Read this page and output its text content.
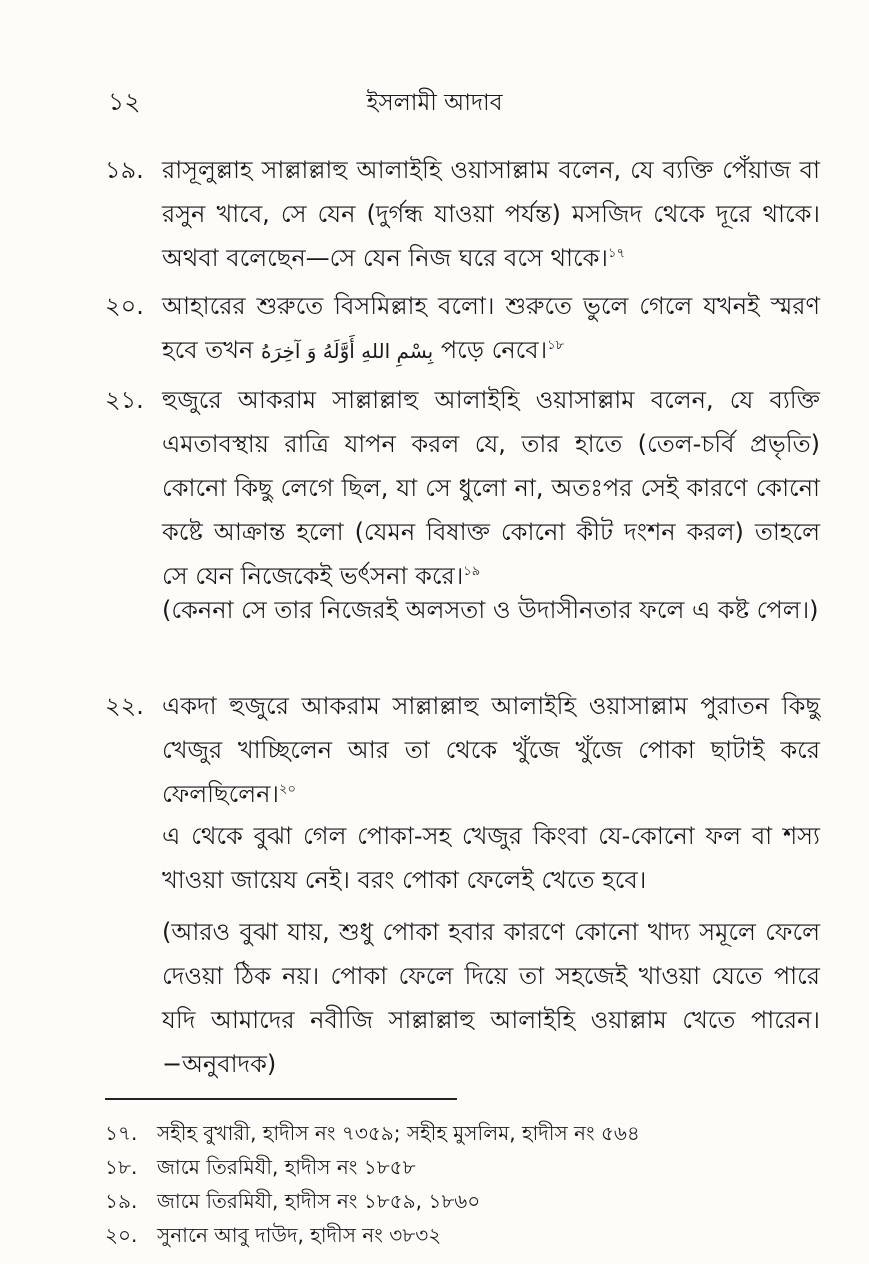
১২	ইসলামী আদাব
১৯. রাসূলুল্লাহ সাল্লাল্লাহু আলাইহি ওয়াসাল্লাম বলেন, যে ব্যক্তি পেঁয়াজ বা রসুন খাবে, সে যেন (দুর্গন্ধ যাওয়া পর্যন্ত) মসজিদ থেকে দূরে থাকে। অথবা বলেছেন—সে যেন নিজ ঘরে বসে থাকে।$^{১৭}$
২০. আহারের শুরুতে বিসমিল্লাহ বলো। শুরুতে ভুলে গেলে যখনই স্মরণ হবে তখন بِسْمِ اللهِ أَوَّلَهُ وَ آخِرَهُ পড়ে নেবে।$^{১৮}$
২১. হুজুরে আকরাম সাল্লাল্লাহু আলাইহি ওয়াসাল্লাম বলেন, যে ব্যক্তি এমতাবস্থায় রাত্রি যাপন করল যে, তার হাতে (তেল-চর্বি প্রভৃতি) কোনো কিছু লেগে ছিল, যা সে ধুলো না, অতঃপর সেই কারণে কোনো কষ্টে আক্রান্ত হলো (যেমন বিষাক্ত কোনো কীট দংশন করল) তাহলে সে যেন নিজেকেই ভর্ৎসনা করে।$^{১৯}$
(কেননা সে তার নিজেরই অলসতা ও উদাসীনতার ফলে এ কষ্ট পেল।)
২২. একদা হুজুরে আকরাম সাল্লাল্লাহু আলাইহি ওয়াসাল্লাম পুরাতন কিছু খেজুর খাচ্ছিলেন আর তা থেকে খুঁজে খুঁজে পোকা ছাটাই করে ফেলছিলেন।$^{২০}$
এ থেকে বুঝা গেল পোকা-সহ খেজুর কিংবা যে-কোনো ফল বা শস্য খাওয়া জায়েয নেই। বরং পোকা ফেলেই খেতে হবে।
(আরও বুঝা যায়, শুধু পোকা হবার কারণে কোনো খাদ্য সমূলে ফেলে দেওয়া ঠিক নয়। পোকা ফেলে দিয়ে তা সহজেই খাওয়া যেতে পারে যদি আমাদের নবীজি সাল্লাল্লাহু আলাইহি ওয়াল্লাম খেতে পারেন। −অনুবাদক)
১৭. সহীহ বুখারী, হাদীস নং ৭৩৫৯; সহীহ মুসলিম, হাদীস নং ৫৬৪
১৮. জামে তিরমিযী, হাদীস নং ১৮৫৮
১৯. জামে তিরমিযী, হাদীস নং ১৮৫৯, ১৮৬০
২০. সুনানে আবু দাউদ, হাদীস নং ৩৮৩২
